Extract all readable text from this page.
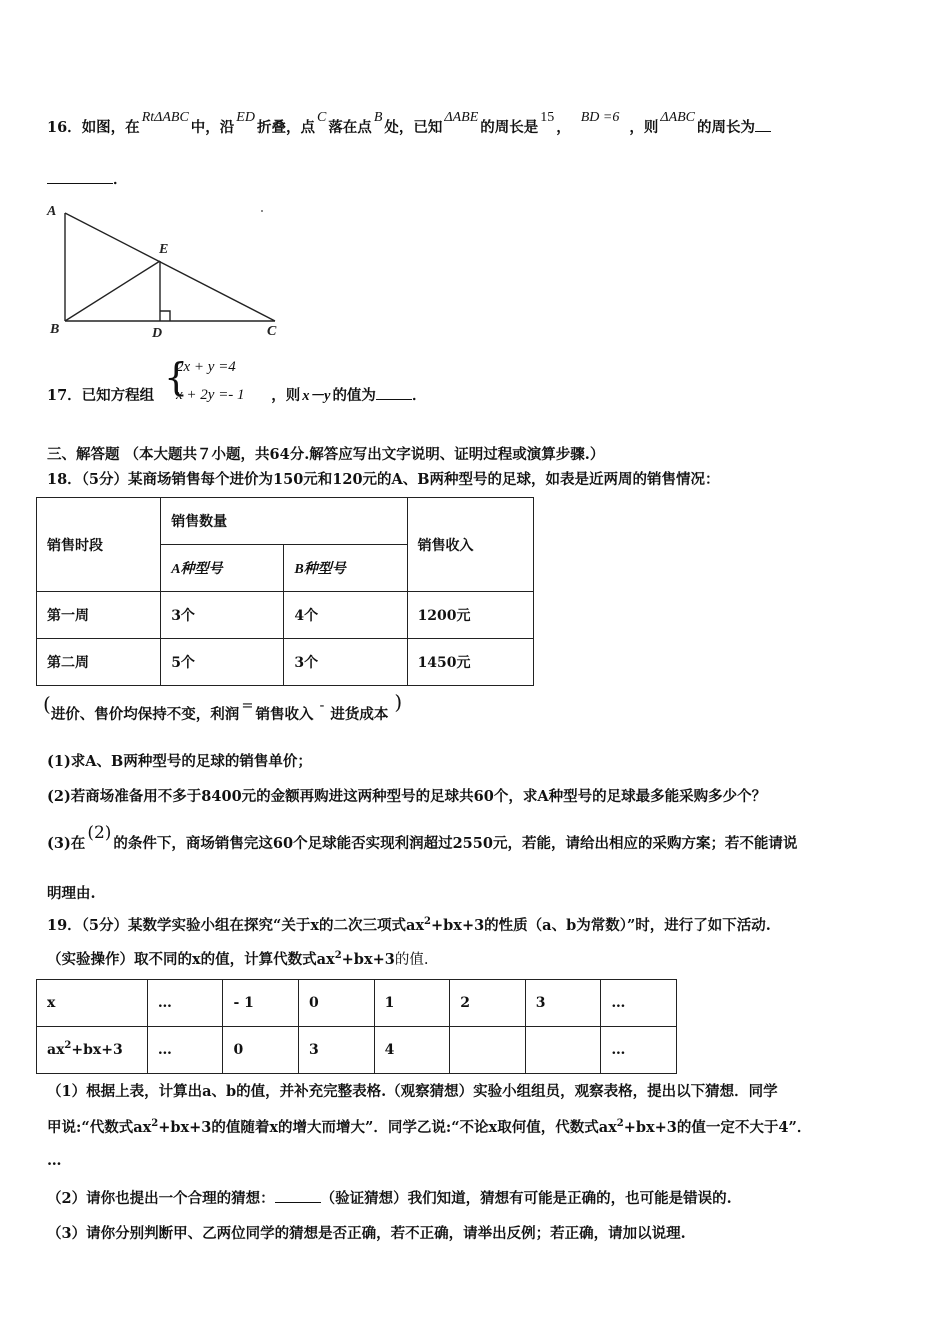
16．如图，在RtΔABC中，沿ED折叠，点C落在点B处，已知ΔABE的周长是15，BD =6，则ΔABC的周长为
．
A
B	C
D
E
17．已知方程组	，则 x－y 的值为 ．
{
2x + y =4
x + 2y =- 1
三、解答题 （本大题共７小题，共64分.解答应写出文字说明、证明过程或演算步骤.）
18．（5分）某商场销售每个进价为150元和120元的A、B两种型号的足球，如表是近两周的销售情况：
销售时段	销售数量		销售收入
	A种型号	B种型号	
第一周	3个	4个	1200元
第二周	5个	3个	1450元
(进价、售价均保持不变，利润 = 销售收入 - 进货成本)
(1)求A、B两种型号的足球的销售单价；
(2)若商场准备用不多于8400元的金额再购进这两种型号的足球共60个，求A种型号的足球最多能采购多少个？
(3)在(2)的条件下，商场销售完这60个足球能否实现利润超过2550元，若能，请给出相应的采购方案；若不能请说
明理由.
19．（5分）某数学实验小组在探究“关于x的二次三项式$ax^2+bx+3$的性质（a、b为常数）”时，进行了如下活动.
（实验操作）取不同的x的值，计算代数式$ax^2+bx+3$的值.
x	…	- 1	0	1	2	3	…
$ax^2+bx+3$	…	0	3	4			…
（1）根据上表，计算出a、b的值，并补充完整表格.（观察猜想）实验小组组员，观察表格，提出以下猜想．同学
甲说:“代数式$ax^2+bx+3$的值随着x的增大而增大”．同学乙说:“不论x取何值，代数式$ax^2+bx+3$的值一定不大于4”．
…
（2）请你也提出一个合理的猜想：	（验证猜想）我们知道，猜想有可能是正确的，也可能是错误的.
（3）请你分别判断甲、乙两位同学的猜想是否正确，若不正确，请举出反例；若正确，请加以说理.
